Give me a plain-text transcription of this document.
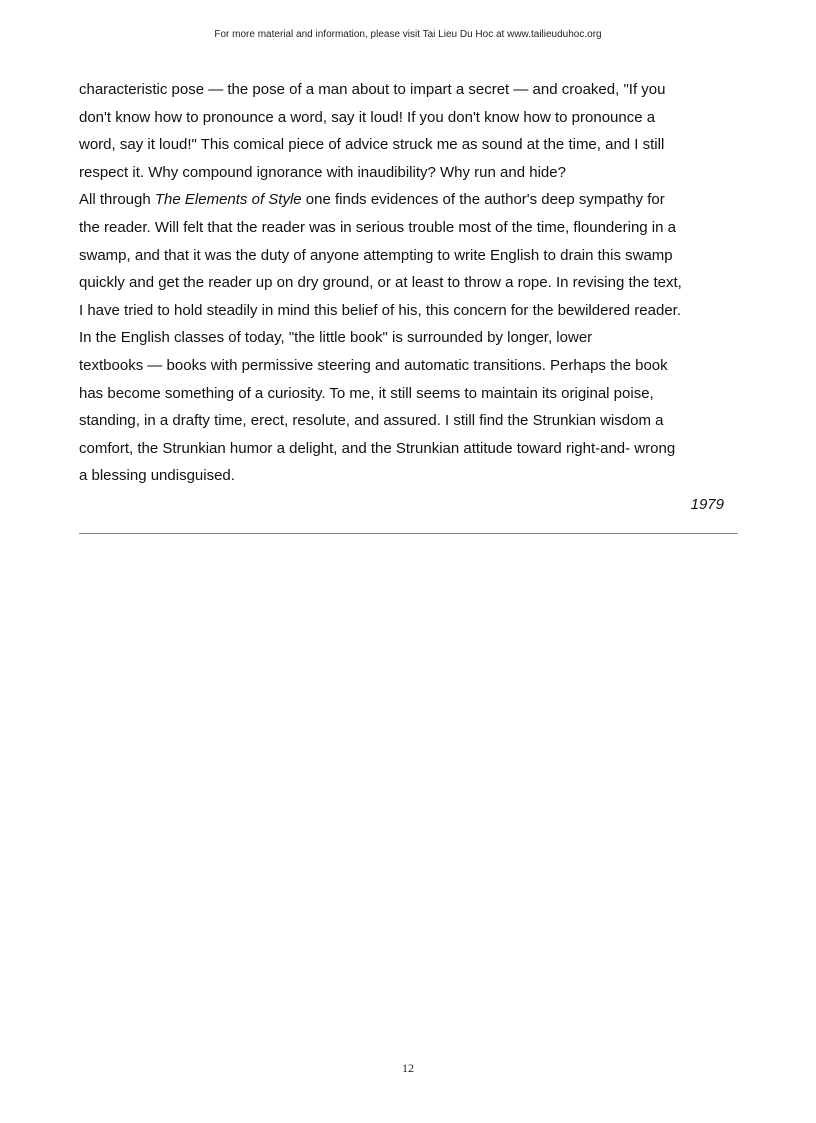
For more material and information, please visit Tai Lieu Du Hoc at www.tailieuduhoc.org
characteristic pose — the pose of a man about to impart a secret — and croaked, "If you
don't know how to pronounce a word, say it loud! If you don't know how to pronounce a
word, say it loud!" This comical piece of advice struck me as sound at the time, and I still
respect it. Why compound ignorance with inaudibility? Why run and hide?
All through The Elements of Style one finds evidences of the author's deep sympathy for
the reader. Will felt that the reader was in serious trouble most of the time, floundering in a
swamp, and that it was the duty of anyone attempting to write English to drain this swamp
quickly and get the reader up on dry ground, or at least to throw a rope. In revising the text,
I have tried to hold steadily in mind this belief of his, this concern for the bewildered reader.
In the English classes of today, "the little book" is surrounded by longer, lower
textbooks — books with permissive steering and automatic transitions. Perhaps the book
has become something of a curiosity. To me, it still seems to maintain its original poise,
standing, in a drafty time, erect, resolute, and assured. I still find the Strunkian wisdom a
comfort, the Strunkian humor a delight, and the Strunkian attitude toward right-and- wrong
a blessing undisguised.
1979
12
